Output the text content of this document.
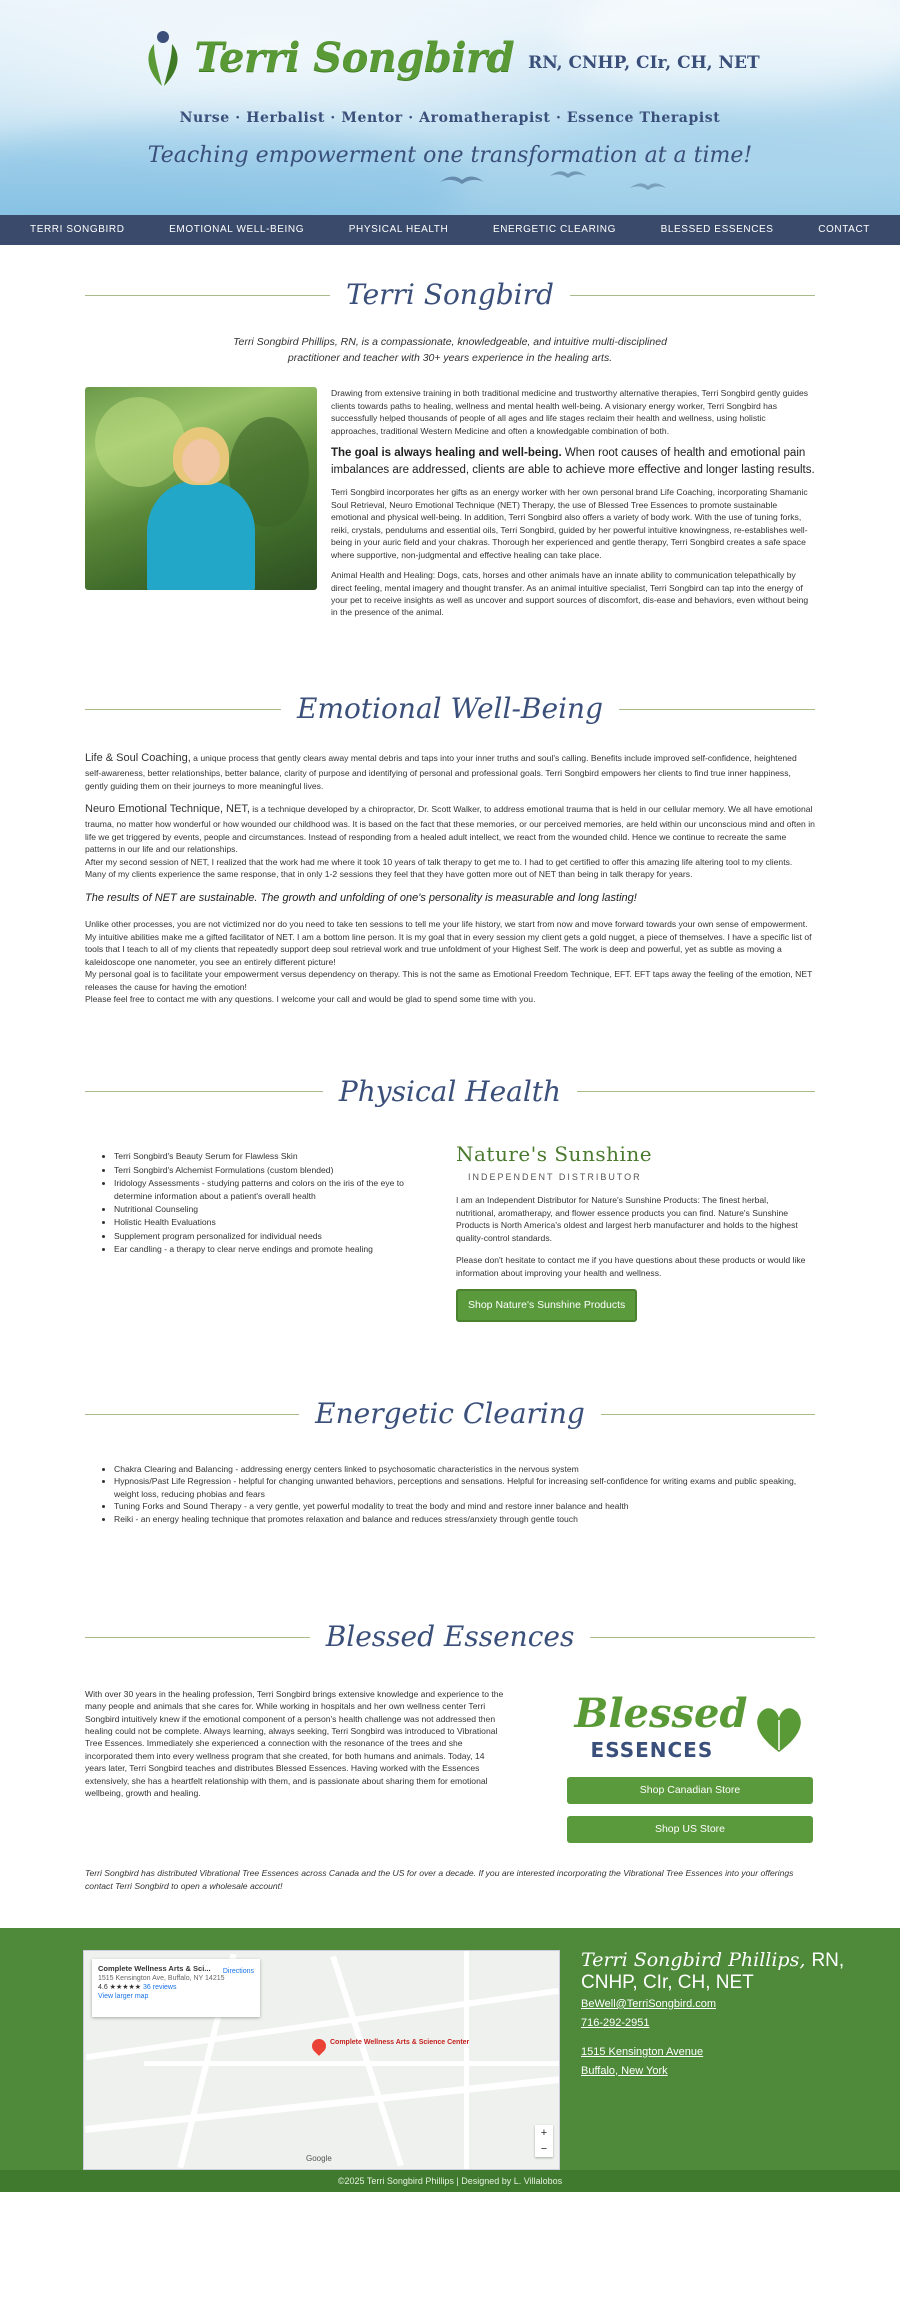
Terri Songbird RN, CNHP, CIr, CH, NET
Nurse · Herbalist · Mentor · Aromatherapist · Essence Therapist
Teaching empowerment one transformation at a time!
TERRI SONGBIRD	EMOTIONAL WELL-BEING	PHYSICAL HEALTH	ENERGETIC CLEARING	BLESSED ESSENCES	CONTACT
Terri Songbird

Terri Songbird Phillips, RN, is a compassionate, knowledgeable, and intuitive multi-disciplined practitioner and teacher with 30+ years experience in the healing arts.

Drawing from extensive training in both traditional medicine and trustworthy alternative therapies, Terri Songbird gently guides clients towards paths to healing, wellness and mental health well-being. A visionary energy worker, Terri Songbird has successfully helped thousands of people of all ages and life stages reclaim their health and wellness, using holistic approaches, traditional Western Medicine and often a knowledgable combination of both.

The goal is always healing and well-being. When root causes of health and emotional pain imbalances are addressed, clients are able to achieve more effective and longer lasting results.

Terri Songbird incorporates her gifts as an energy worker with her own personal brand Life Coaching, incorporating Shamanic Soul Retrieval, Neuro Emotional Technique (NET) Therapy, the use of Blessed Tree Essences to promote sustainable emotional and physical well-being. In addition, Terri Songbird also offers a variety of body work. With the use of tuning forks, reiki, crystals, pendulums and essential oils, Terri Songbird, guided by her powerful intuitive knowingness, re-establishes well-being in your auric field and your chakras. Thorough her experienced and gentle therapy, Terri Songbird creates a safe space where supportive, non-judgmental and effective healing can take place.

Animal Health and Healing: Dogs, cats, horses and other animals have an innate ability to communication telepathically by direct feeling, mental imagery and thought transfer. As an animal intuitive specialist, Terri Songbird can tap into the energy of your pet to receive insights as well as uncover and support sources of discomfort, dis-ease and behaviors, even without being in the presence of the animal.

Emotional Well-Being

Life & Soul Coaching, a unique process that gently clears away mental debris and taps into your inner truths and soul's calling. Benefits include improved self-confidence, heightened self-awareness, better relationships, better balance, clarity of purpose and identifying of personal and professional goals. Terri Songbird empowers her clients to find true inner happiness, gently guiding them on their journeys to more meaningful lives.

Neuro Emotional Technique, NET, is a technique developed by a chiropractor, Dr. Scott Walker, to address emotional trauma that is held in our cellular memory. We all have emotional trauma, no matter how wonderful or how wounded our childhood was. It is based on the fact that these memories, or our perceived memories, are held within our unconscious mind and often in life we get triggered by events, people and circumstances. Instead of responding from a healed adult intellect, we react from the wounded child. Hence we continue to recreate the same patterns in our life and our relationships.

After my second session of NET, I realized that the work had me where it took 10 years of talk therapy to get me to. I had to get certified to offer this amazing life altering tool to my clients. Many of my clients experience the same response, that in only 1-2 sessions they feel that they have gotten more out of NET than being in talk therapy for years.

The results of NET are sustainable. The growth and unfolding of one's personality is measurable and long lasting!

Unlike other processes, you are not victimized nor do you need to take ten sessions to tell me your life history, we start from now and move forward towards your own sense of empowerment.

My intuitive abilities make me a gifted facilitator of NET. I am a bottom line person. It is my goal that in every session my client gets a gold nugget, a piece of themselves. I have a specific list of tools that I teach to all of my clients that repeatedly support deep soul retrieval work and true unfoldment of your Highest Self. The work is deep and powerful, yet as subtle as moving a kaleidoscope one nanometer, you see an entirely different picture!

My personal goal is to facilitate your empowerment versus dependency on therapy. This is not the same as Emotional Freedom Technique, EFT. EFT taps away the feeling of the emotion, NET releases the cause for having the emotion!

Please feel free to contact me with any questions. I welcome your call and would be glad to spend some time with you.

Physical Health
• Terri Songbird's Beauty Serum for Flawless Skin
• Terri Songbird's Alchemist Formulations (custom blended)
• Iridology Assessments - studying patterns and colors on the iris of the eye to determine information about a patient's overall health
• Nutritional Counseling
• Holistic Health Evaluations
• Supplement program personalized for individual needs
• Ear candling - a therapy to clear nerve endings and promote healing
Nature's Sunshine
INDEPENDENT DISTRIBUTOR

I am an Independent Distributor for Nature's Sunshine Products: The finest herbal, nutritional, aromatherapy, and flower essence products you can find. Nature's Sunshine Products is North America's oldest and largest herb manufacturer and holds to the highest quality-control standards.

Please don't hesitate to contact me if you have questions about these products or would like information about improving your health and wellness.

Shop Nature's Sunshine Products
Energetic Clearing
• Chakra Clearing and Balancing - addressing energy centers linked to psychosomatic characteristics in the nervous system
• Hypnosis/Past Life Regression - helpful for changing unwanted behaviors, perceptions and sensations. Helpful for increasing self-confidence for writing exams and public speaking, weight loss, reducing phobias and fears
• Tuning Forks and Sound Therapy - a very gentle, yet powerful modality to treat the body and mind and restore inner balance and health
• Reiki - an energy healing technique that promotes relaxation and balance and reduces stress/anxiety through gentle touch
Blessed Essences

With over 30 years in the healing profession, Terri Songbird brings extensive knowledge and experience to the many people and animals that she cares for. While working in hospitals and her own wellness center Terri Songbird intuitively knew if the emotional component of a person's health challenge was not addressed then healing could not be complete. Always learning, always seeking, Terri Songbird was introduced to Vibrational Tree Essences. Immediately she experienced a connection with the resonance of the trees and she incorporated them into every wellness program that she created, for both humans and animals. Today, 14 years later, Terri Songbird teaches and distributes Blessed Essences. Having worked with the Essences extensively, she has a heartfelt relationship with them, and is passionate about sharing them for emotional wellbeing, growth and healing.

Blessed
ESSENCES
Shop Canadian Store
Shop US Store

Terri Songbird has distributed Vibrational Tree Essences across Canada and the US for over a decade. If you are interested incorporating the Vibrational Tree Essences into your offerings contact Terri Songbird to open a wholesale account!

Complete Wellness Arts & Sci...
1515 Kensington Ave, Buffalo, NY 14215
4.6 ★★★★★ 36 reviews
View larger map
Directions
Complete Wellness Arts & Science Center
+
−
Google
Terri Songbird Phillips, RN, CNHP, CIr, CH, NET
BeWell@TerriSongbird.com
716-292-2951
1515 Kensington Avenue
Buffalo, New York
©2025 Terri Songbird Phillips | Designed by L. Villalobos
